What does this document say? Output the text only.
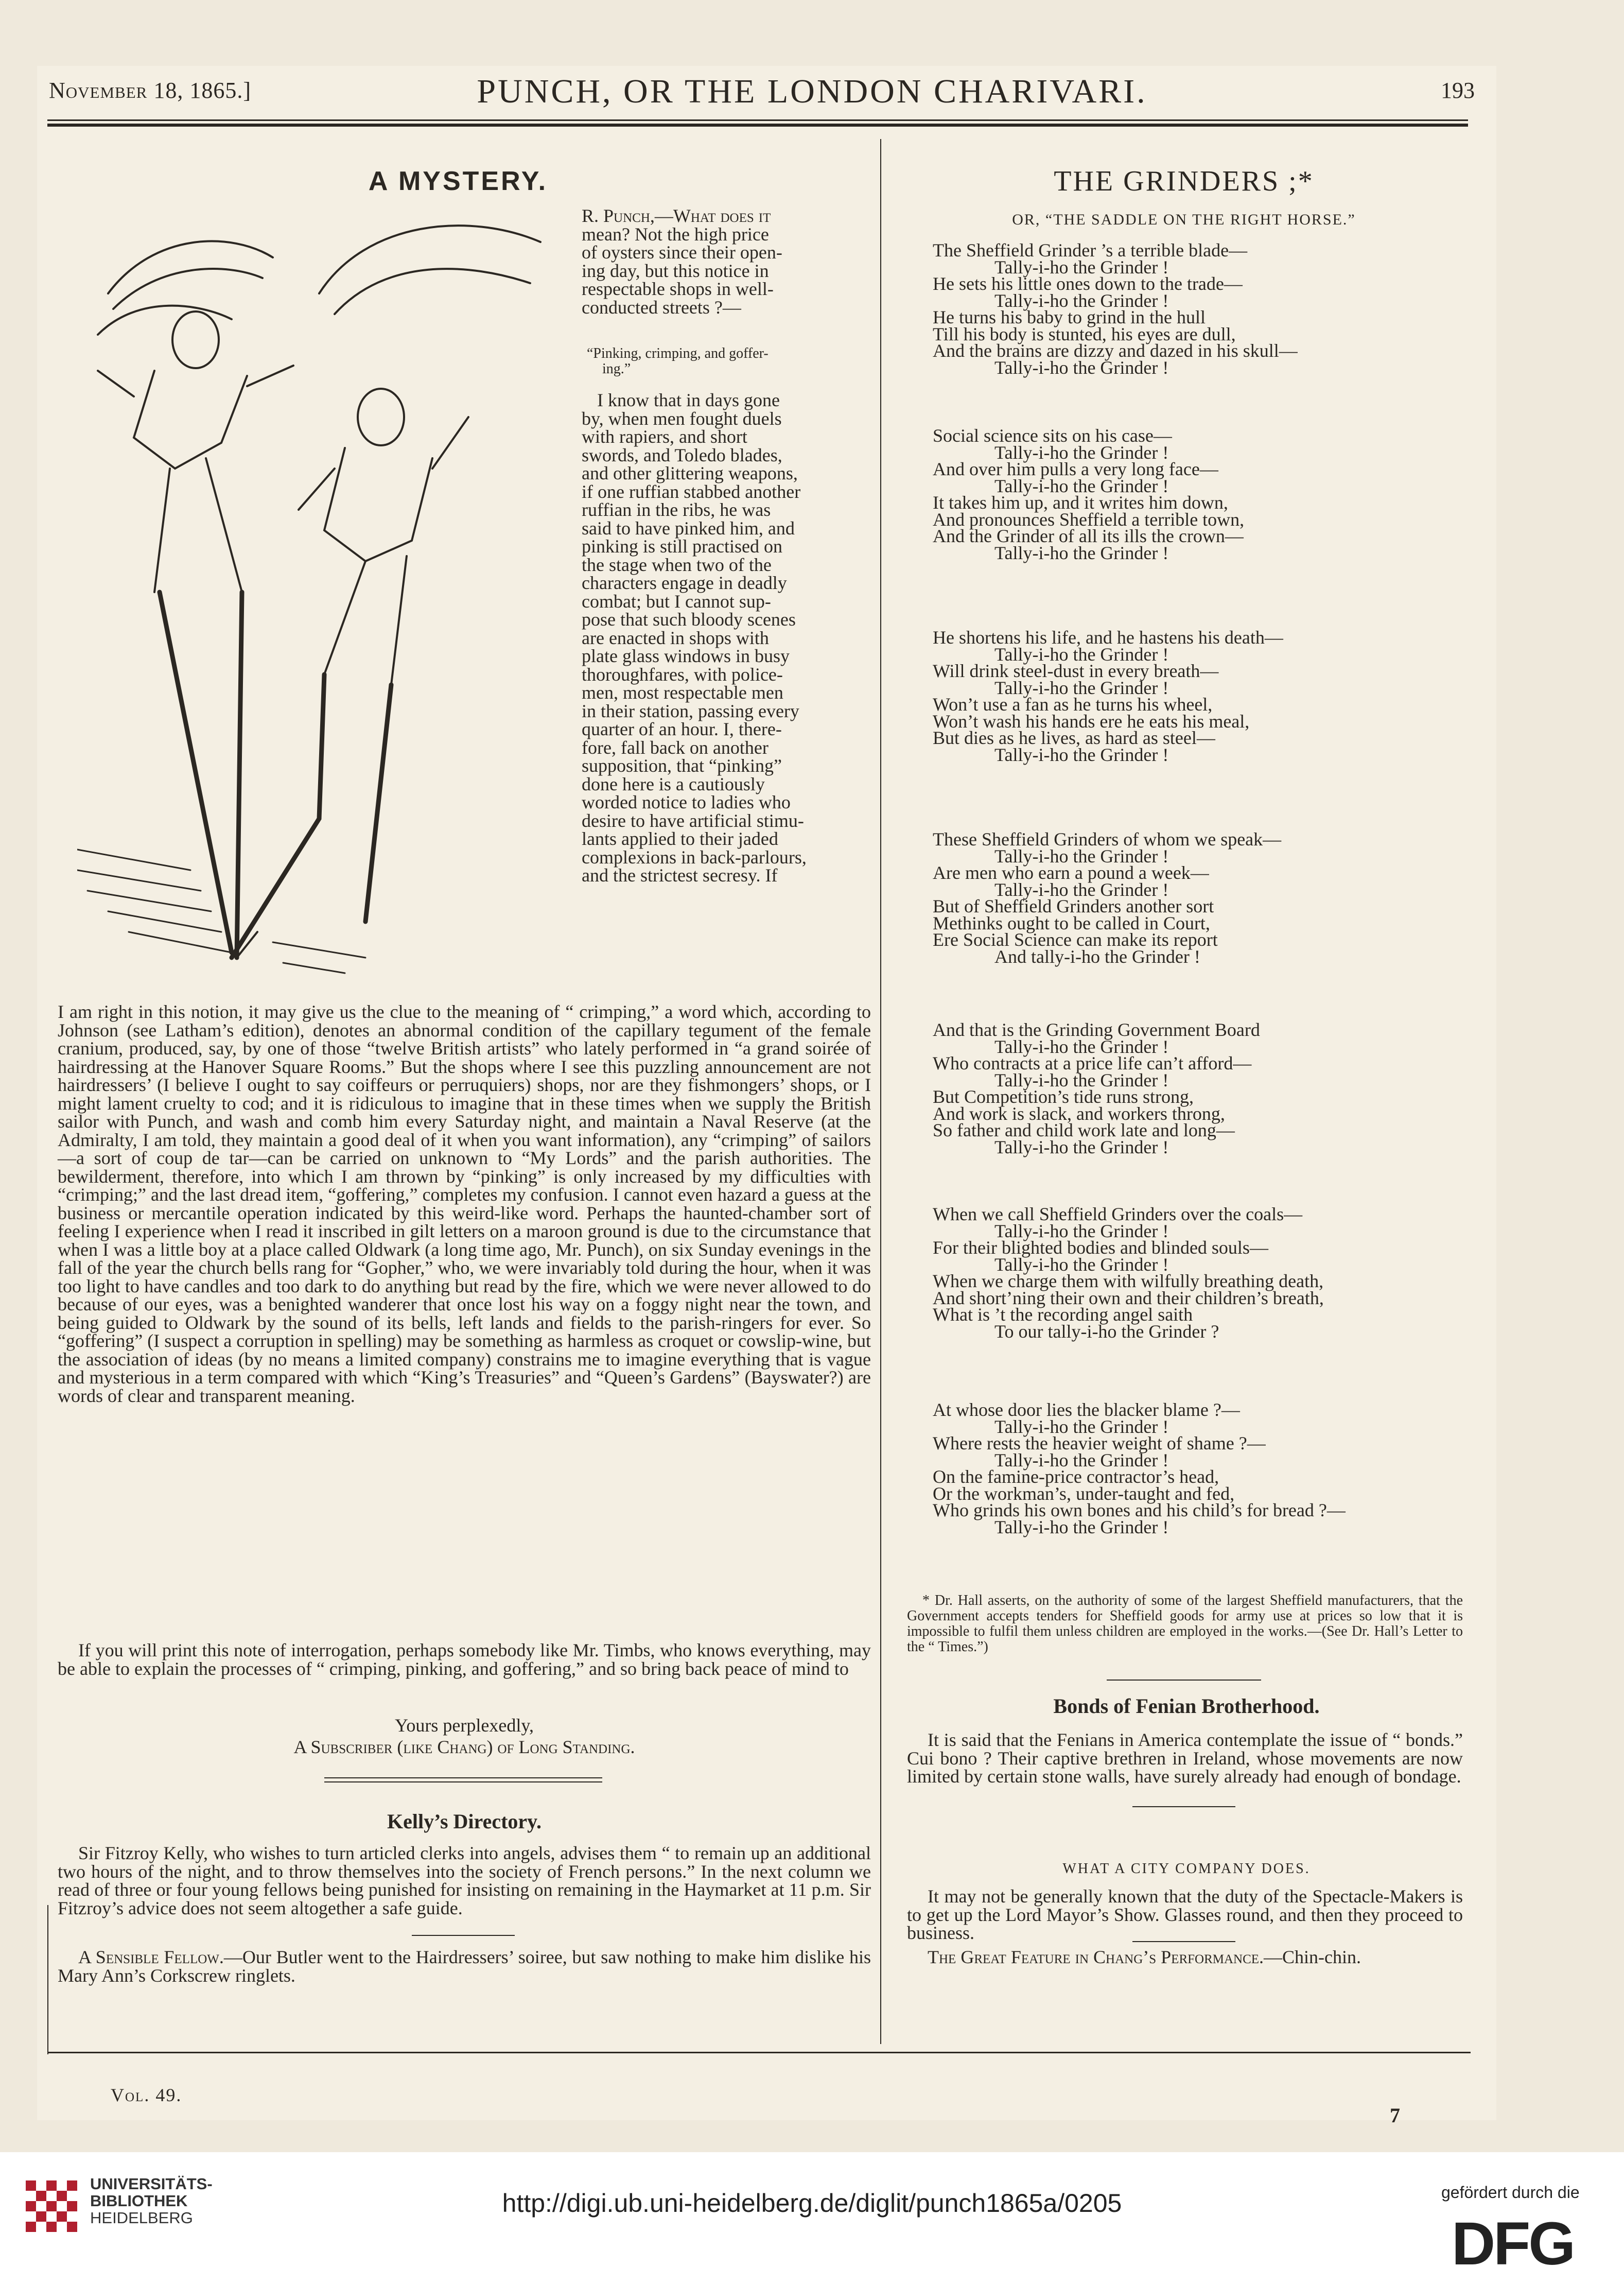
November 18, 1865.]	PUNCH, OR THE LONDON CHARIVARI.	193
A MYSTERY.
R. Punch,—What does it
mean? Not the high price
of oysters since their open-
ing day, but this notice in
respectable shops in well-
conducted streets ?—
“Pinking, crimping, and goffer-
ing.”
I know that in days gone
by, when men fought duels
with rapiers, and short
swords, and Toledo blades,
and other glittering weapons,
if one ruffian stabbed another
ruffian in the ribs, he was
said to have pinked him, and
pinking is still practised on
the stage when two of the
characters engage in deadly
combat; but I cannot sup-
pose that such bloody scenes
are enacted in shops with
plate glass windows in busy
thoroughfares, with police-
men, most respectable men
in their station, passing every
quarter of an hour. I, there-
fore, fall back on another
supposition, that “pinking”
done here is a cautiously
worded notice to ladies who
desire to have artificial stimu-
lants applied to their jaded
complexions in back-parlours,
and the strictest secresy. If
I am right in this notion, it may give us the clue to the meaning of “ crimping,” a word which, according to Johnson (see Latham’s edition), denotes an abnormal condition of the capillary tegument of the female cranium, produced, say, by one of those “twelve British artists” who lately performed in “a grand soirée of hairdressing at the Hanover Square Rooms.” But the shops where I see this puzzling announcement are not hairdressers’ (I believe I ought to say coiffeurs or perruquiers) shops, nor are they fishmongers’ shops, or I might lament cruelty to cod; and it is ridiculous to imagine that in these times when we supply the British sailor with Punch, and wash and comb him every Saturday night, and maintain a Naval Reserve (at the Admiralty, I am told, they maintain a good deal of it when you want information), any “crimping” of sailors—a sort of coup de tar—can be carried on unknown to “My Lords” and the parish authorities. The bewilderment, therefore, into which I am thrown by “pinking” is only increased by my difficulties with “crimping;” and the last dread item, “goffering,” completes my confusion. I cannot even hazard a guess at the business or mercantile operation indicated by this weird-like word. Perhaps the haunted-chamber sort of feeling I experience when I read it inscribed in gilt letters on a maroon ground is due to the circumstance that when I was a little boy at a place called Oldwark (a long time ago, Mr. Punch), on six Sunday evenings in the fall of the year the church bells rang for “Gopher,” who, we were invariably told during the hour, when it was too light to have candles and too dark to do anything but read by the fire, which we were never allowed to do because of our eyes, was a benighted wanderer that once lost his way on a foggy night near the town, and being guided to Oldwark by the sound of its bells, left lands and fields to the parish-ringers for ever. So “goffering” (I suspect a corruption in spelling) may be something as harmless as croquet or cowslip-wine, but the association of ideas (by no means a limited company) constrains me to imagine everything that is vague and mysterious in a term compared with which “King’s Treasuries” and “Queen’s Gardens” (Bayswater?) are words of clear and transparent meaning.
If you will print this note of interrogation, perhaps somebody like Mr. Timbs, who knows everything, may be able to explain the processes of “ crimping, pinking, and goffering,” and so bring back peace of mind to
Yours perplexedly,
A Subscriber (like Chang) of Long Standing.
Kelly’s Directory.
Sir Fitzroy Kelly, who wishes to turn articled clerks into angels, advises them “ to remain up an additional two hours of the night, and to throw themselves into the society of French persons.” In the next column we read of three or four young fellows being punished for insisting on remaining in the Haymarket at 11 p.m. Sir Fitzroy’s advice does not seem altogether a safe guide.
A Sensible Fellow.—Our Butler went to the Hairdressers’ soiree, but saw nothing to make him dislike his Mary Ann’s Corkscrew ringlets.
THE GRINDERS ;*
OR, “THE SADDLE ON THE RIGHT HORSE.”
The Sheffield Grinder ’s a terrible blade—
Tally-i-ho the Grinder !
He sets his little ones down to the trade—
Tally-i-ho the Grinder !
He turns his baby to grind in the hull
Till his body is stunted, his eyes are dull,
And the brains are dizzy and dazed in his skull—
Tally-i-ho the Grinder !
Social science sits on his case—
Tally-i-ho the Grinder !
And over him pulls a very long face—
Tally-i-ho the Grinder !
It takes him up, and it writes him down,
And pronounces Sheffield a terrible town,
And the Grinder of all its ills the crown—
Tally-i-ho the Grinder !
He shortens his life, and he hastens his death—
Tally-i-ho the Grinder !
Will drink steel-dust in every breath—
Tally-i-ho the Grinder !
Won’t use a fan as he turns his wheel,
Won’t wash his hands ere he eats his meal,
But dies as he lives, as hard as steel—
Tally-i-ho the Grinder !
These Sheffield Grinders of whom we speak—
Tally-i-ho the Grinder !
Are men who earn a pound a week—
Tally-i-ho the Grinder !
But of Sheffield Grinders another sort
Methinks ought to be called in Court,
Ere Social Science can make its report
And tally-i-ho the Grinder !
And that is the Grinding Government Board
Tally-i-ho the Grinder !
Who contracts at a price life can’t afford—
Tally-i-ho the Grinder !
But Competition’s tide runs strong,
And work is slack, and workers throng,
So father and child work late and long—
Tally-i-ho the Grinder !
When we call Sheffield Grinders over the coals—
Tally-i-ho the Grinder !
For their blighted bodies and blinded souls—
Tally-i-ho the Grinder !
When we charge them with wilfully breathing death,
And short’ning their own and their children’s breath,
What is ’t the recording angel saith
To our tally-i-ho the Grinder ?
At whose door lies the blacker blame ?—
Tally-i-ho the Grinder !
Where rests the heavier weight of shame ?—
Tally-i-ho the Grinder !
On the famine-price contractor’s head,
Or the workman’s, under-taught and fed,
Who grinds his own bones and his child’s for bread ?—
Tally-i-ho the Grinder !
* Dr. Hall asserts, on the authority of some of the largest Sheffield manufacturers, that the Government accepts tenders for Sheffield goods for army use at prices so low that it is impossible to fulfil them unless children are employed in the works.—(See Dr. Hall’s Letter to the “ Times.”)
Bonds of Fenian Brotherhood.
It is said that the Fenians in America contemplate the issue of “ bonds.” Cui bono ? Their captive brethren in Ireland, whose movements are now limited by certain stone walls, have surely already had enough of bondage.
WHAT A CITY COMPANY DOES.
It may not be generally known that the duty of the Spectacle-Makers is to get up the Lord Mayor’s Show. Glasses round, and then they proceed to business.
The Great Feature in Chang’s Performance.—Chin-chin.
Vol. 49.
7
UNIVERSITÄTS-
BIBLIOTHEK
HEIDELBERG
http://digi.ub.uni-heidelberg.de/diglit/punch1865a/0205	gefördert durch die
DFG
